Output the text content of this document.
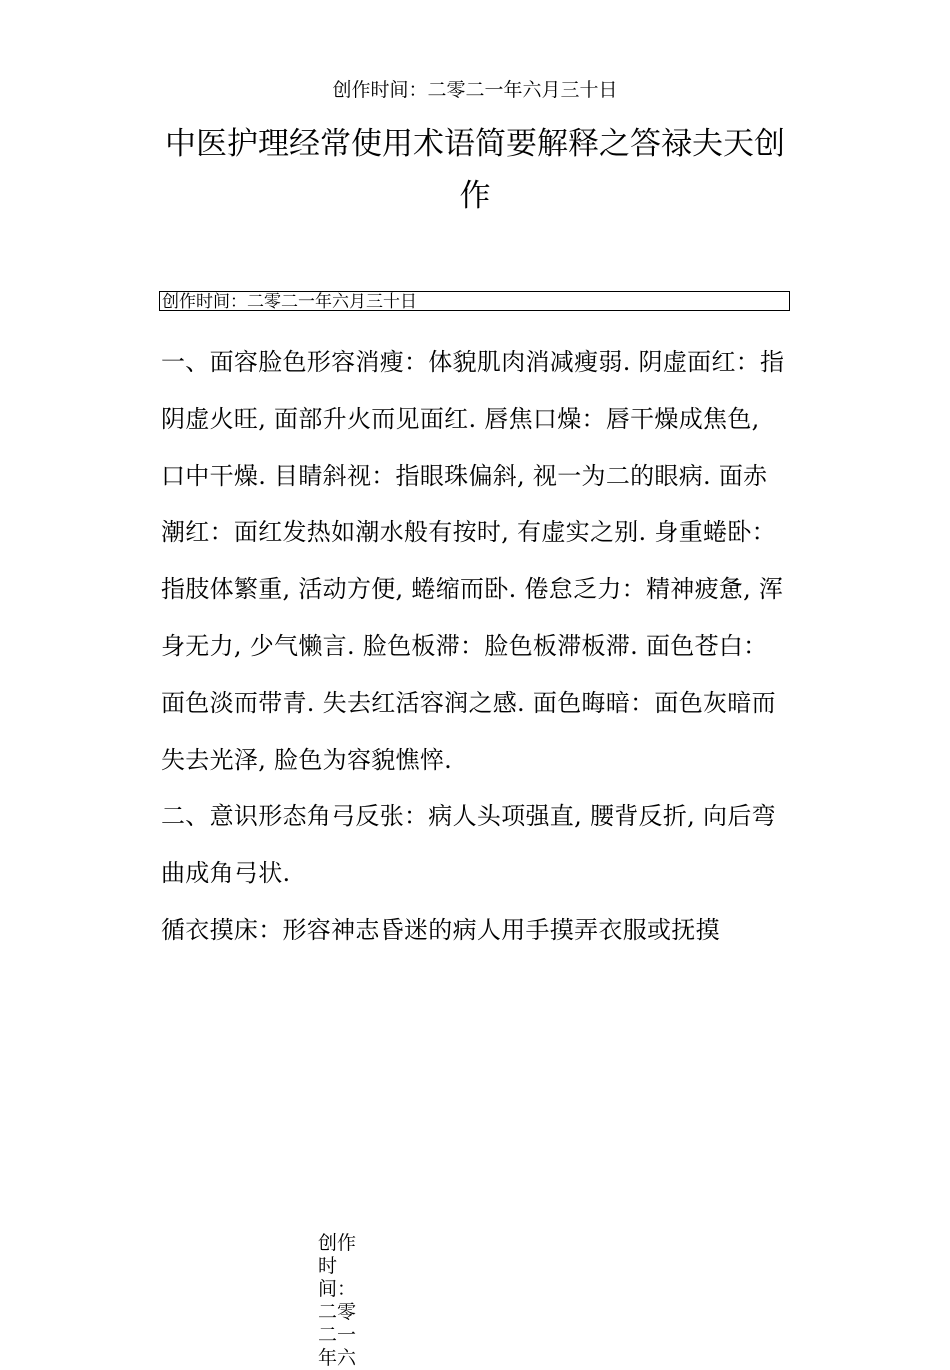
创作时间：二零二一年六月三十日
中医护理经常使用术语简要解释之答禄夫天创作
创作时间：二零二一年六月三十日

一、面容脸色形容消瘦：体貌肌肉消减瘦弱. 阴虚面红：指阴虚火旺, 面部升火而见面红. 唇焦口燥：唇干燥成焦色, 口中干燥. 目睛斜视：指眼珠偏斜, 视一为二的眼病. 面赤潮红：面红发热如潮水般有按时, 有虚实之别. 身重蜷卧：指肢体繁重, 活动方便, 蜷缩而卧. 倦怠乏力：精神疲惫, 浑身无力, 少气懒言. 脸色板滞：脸色板滞板滞. 面色苍白：面色淡而带青. 失去红活容润之感. 面色晦暗：面色灰暗而失去光泽, 脸色为容貌憔悴.

二、意识形态角弓反张：病人头项强直, 腰背反折, 向后弯曲成角弓状.

循衣摸床：形容神志昏迷的病人用手摸弄衣服或抚摸

创作时间：二零二一年六
